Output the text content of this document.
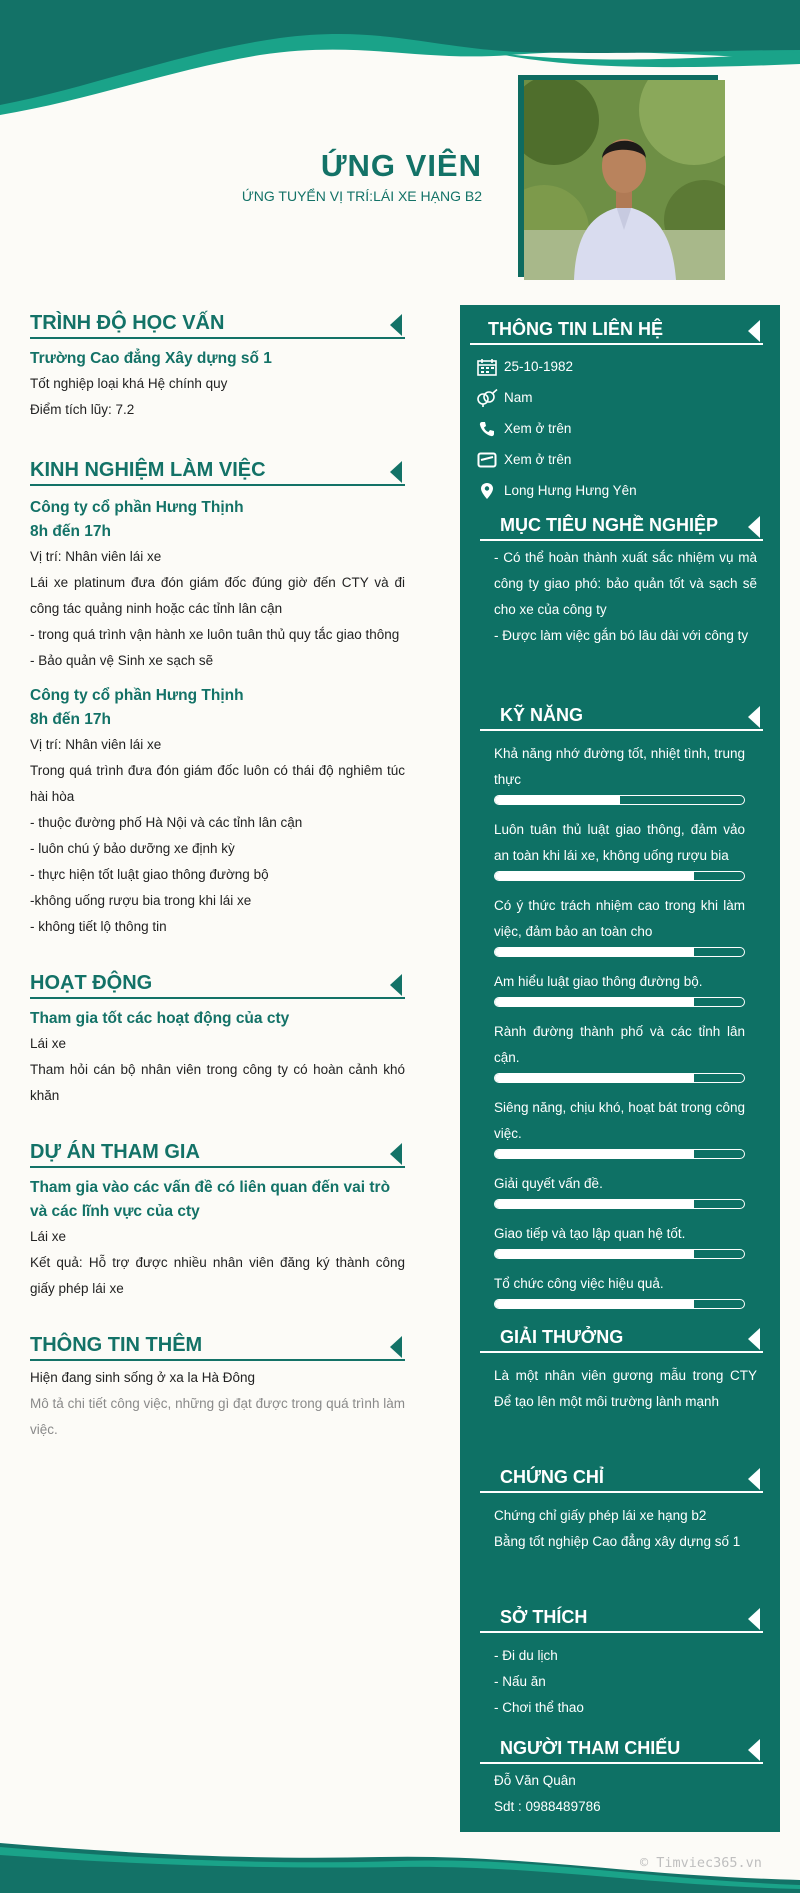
ỨNG VIÊN
ỨNG TUYỂN VỊ TRÍ:LÁI XE HẠNG B2
TRÌNH ĐỘ HỌC VẤN
Trường Cao đẳng Xây dựng số 1
Tốt nghiệp loại khá Hệ chính quy
Điểm tích lũy: 7.2
KINH NGHIỆM LÀM VIỆC
Công ty cổ phần Hưng Thịnh
8h đến 17h
Vị trí: Nhân viên lái xe
Lái xe platinum đưa đón giám đốc đúng giờ đến CTY và đi công tác quảng ninh hoặc các tỉnh lân cận
- trong quá trình vận hành xe luôn tuân thủ quy tắc giao thông
- Bảo quản vệ Sinh xe sạch sẽ
Công ty cổ phần Hưng Thịnh
8h đến 17h
Vị trí: Nhân viên lái xe
Trong quá trình đưa đón giám đốc luôn có thái độ nghiêm túc hài hòa
- thuộc đường phố Hà Nội và các tỉnh lân cận
- luôn chú ý bảo dưỡng xe định kỳ
- thực hiện tốt luật giao thông đường bộ
-không uống rượu bia trong khi lái xe
- không tiết lộ thông tin
HOẠT ĐỘNG
Tham gia tốt các hoạt động của cty
Lái xe
Tham hỏi cán bộ nhân viên trong công ty có hoàn cảnh khó khăn
DỰ ÁN THAM GIA
Tham gia vào các vấn đề có liên quan đến vai trò và các lĩnh vực của cty
Lái xe
Kết quả: Hỗ trợ được nhiều nhân viên đăng ký thành công giấy phép lái xe
THÔNG TIN THÊM
Hiện đang sinh sống ở xa la Hà Đông
Mô tả chi tiết công việc, những gì đạt được trong quá trình làm việc.
THÔNG TIN LIÊN HỆ
25-10-1982
Nam
Xem ở trên
Xem ở trên
Long Hưng Hưng Yên
MỤC TIÊU NGHỀ NGHIỆP
- Có thể hoàn thành xuất sắc nhiệm vụ mà công ty giao phó: bảo quản tốt và sạch sẽ cho xe của công ty
- Được làm việc gắn bó lâu dài với công ty
KỸ NĂNG
Khả năng nhớ đường tốt, nhiệt tình, trung thực
Luôn tuân thủ luật giao thông, đảm vảo an toàn khi lái xe, không uống rượu bia
Có ý thức trách nhiệm cao trong khi làm việc, đảm bảo an toàn cho
Am hiểu luật giao thông đường bộ.
Rành đường thành phố và các tỉnh lân cận.
Siêng năng, chịu khó, hoạt bát trong công việc.
Giải quyết vấn đề.
Giao tiếp và tạo lập quan hệ tốt.
Tổ chức công việc hiệu quả.
GIẢI THƯỞNG
Là một nhân viên gương mẫu trong CTY Để tạo lên một môi trường lành mạnh
CHỨNG CHỈ
Chứng chỉ giấy phép lái xe hạng b2
Bằng tốt nghiệp Cao đẳng xây dựng số 1
SỞ THÍCH
- Đi du lịch
- Nấu ăn
- Chơi thể thao
NGƯỜI THAM CHIẾU
Đỗ Văn Quân
Sdt : 0988489786
© Timviec365.vn
